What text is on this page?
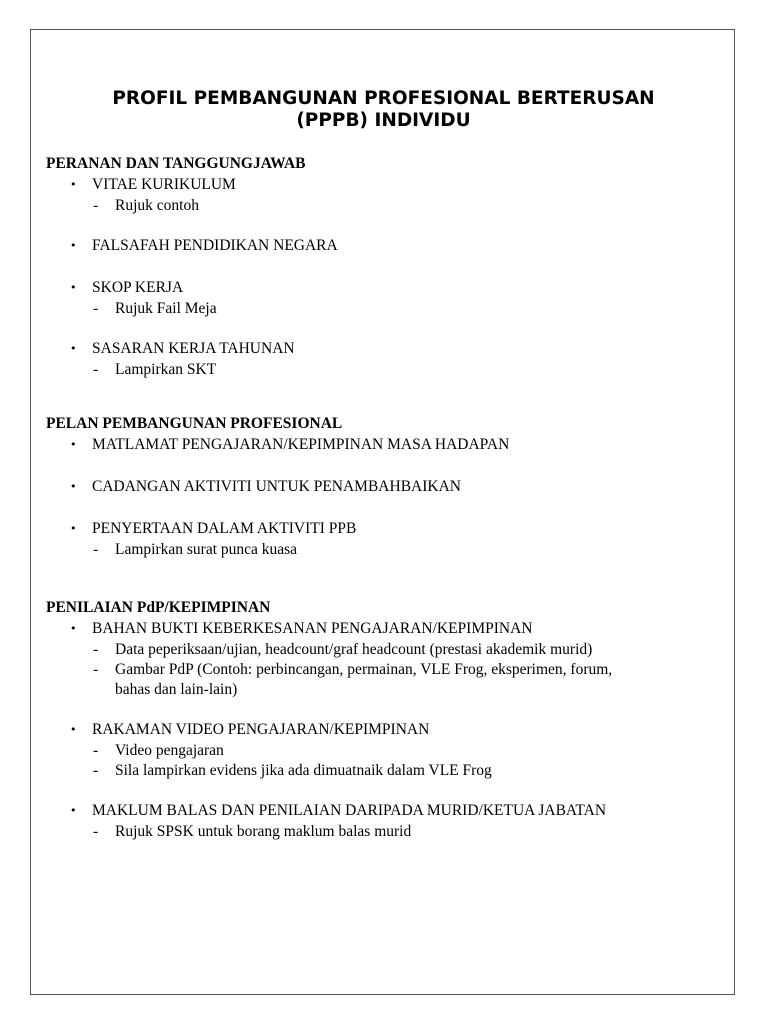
PROFIL PEMBANGUNAN PROFESIONAL BERTERUSAN
(PPPB) INDIVIDU
PERANAN DAN TANGGUNGJAWAB
• VITAE KURIKULUM
- Rujuk contoh
• FALSAFAH PENDIDIKAN NEGARA
• SKOP KERJA
- Rujuk Fail Meja
• SASARAN KERJA TAHUNAN
- Lampirkan SKT
PELAN PEMBANGUNAN PROFESIONAL
• MATLAMAT PENGAJARAN/KEPIMPINAN MASA HADAPAN
• CADANGAN AKTIVITI UNTUK PENAMBAHBAIKAN
• PENYERTAAN DALAM AKTIVITI PPB
- Lampirkan surat punca kuasa
PENILAIAN PdP/KEPIMPINAN
• BAHAN BUKTI KEBERKESANAN PENGAJARAN/KEPIMPINAN
- Data peperiksaan/ujian, headcount/graf headcount (prestasi akademik murid)
- Gambar PdP (Contoh: perbincangan, permainan, VLE Frog, eksperimen, forum,
bahas dan lain-lain)
• RAKAMAN VIDEO PENGAJARAN/KEPIMPINAN
- Video pengajaran
- Sila lampirkan evidens jika ada dimuatnaik dalam VLE Frog
• MAKLUM BALAS DAN PENILAIAN DARIPADA MURID/KETUA JABATAN
- Rujuk SPSK untuk borang maklum balas murid
